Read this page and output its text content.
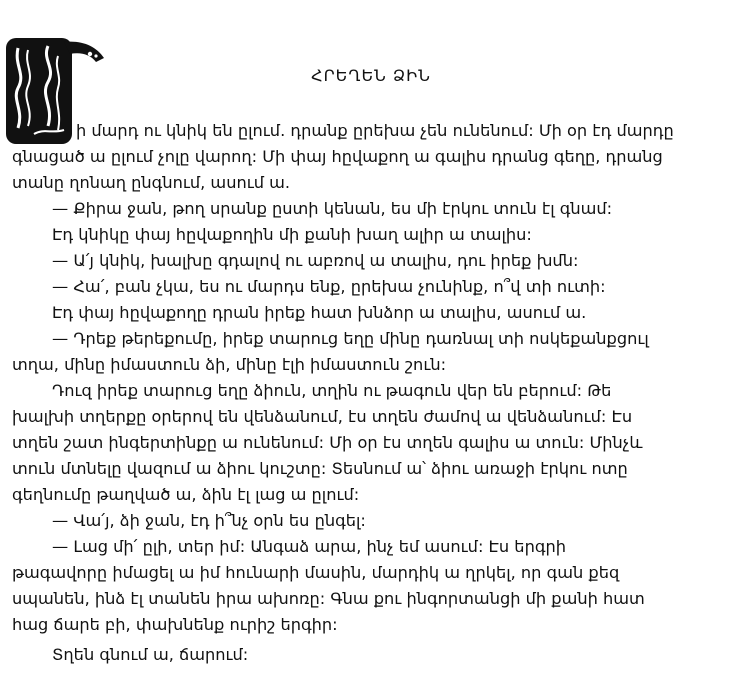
ՀՐԵՂԵՆ ՁԻՆ
ի մարդ ու կնիկ են ըլում. դրանք ըրեխա չեն ունենում: Մի օր էդ մարդը
գնացած ա ըլում չոլը վարող: Մի փայ հըվաքող ա գալիս դրանց գեղը, դրանց
տանը ղոնաղ ընգնում, ասում ա.
— Քիրա ջան, թող սրանք ըստի կենան, ես մի էրկու տուն էլ գնամ:
Էդ կնիկը փայ հըվաքողին մի քանի խաղ ալիր ա տալիս:
— Ա՛յ կնիկ, խալխը գդալով ու աբռով ա տալիս, դու իրեք խմն:
— Հա՛, բան չկա, ես ու մարդս ենք, ըրեխա չունինք, ո՞վ տի ուտի:
Էդ փայ հըվաքողը դրան իրեք հատ խնձոր ա տալիս, ասում ա.
— Դրեք թերեքումը, իրեք տարուց եղը մինը դառնալ տի ոսկեքանքցուլ
տղա, մինը իմաստուն ձի, մինը էլի իմաստուն շուն:
Դուզ իրեք տարուց եղը ձիուն, տղին ու թագուն վեր են բերում: Թե
խալխի տղերքը օրերով են վենձանում, էս տղեն ժամով ա վենձանում: Էս
տղեն շատ ինգերտինքը ա ունենում: Մի օր էս տղեն գալիս ա տուն: Մինչև
տուն մտնելը վազում ա ձիու կուշտը: Տեսնում ա՝ ձիու առաջի էրկու ոտը
գեղնումը թաղված ա, ձին էլ լաց ա ըլում:
— Վա՛յ, ձի ջան, էդ ի՞նչ օրն ես ընգել:
— Լաց մի՛ ըլի, տեր իմ: Անգաձ արա, ինչ եմ ասում: Էս երգրի
թագավորը իմացել ա իմ հունարի մասին, մարդիկ ա ղրկել, որ գան քեզ
սպանեն, ինձ էլ տանեն իրա ախոռը: Գնա քու ինգորտանցի մի քանի հատ
հաց ճարե բի, փախնենք ուրիշ երգիր:
Տղեն գնում ա, ճարում:
